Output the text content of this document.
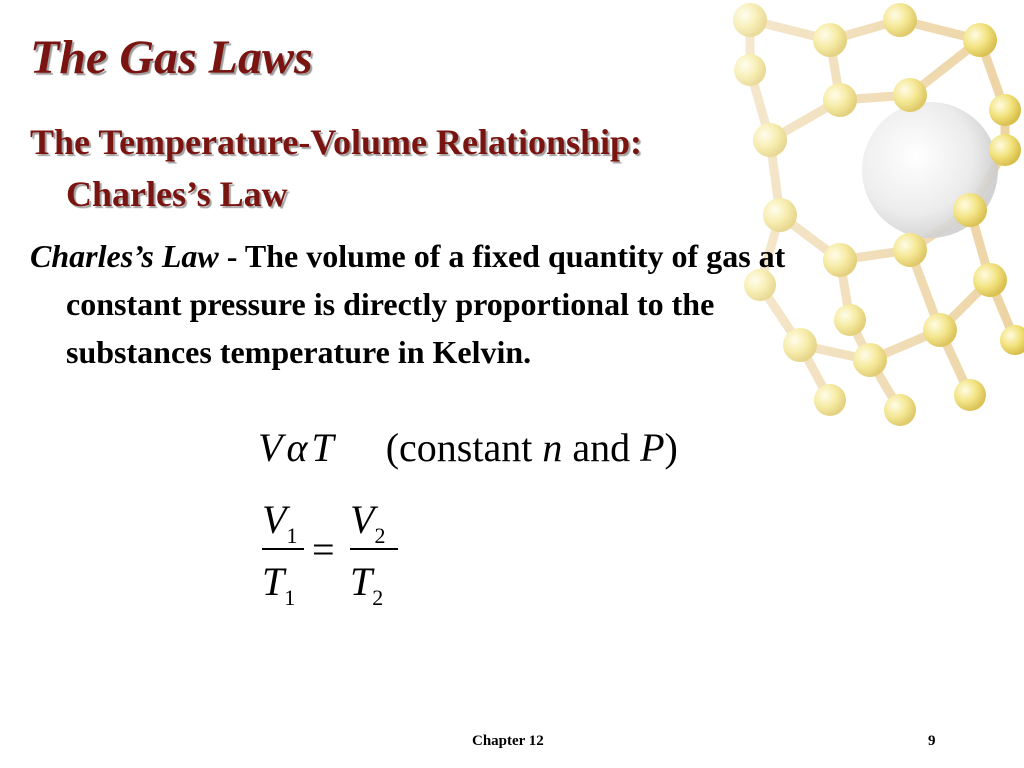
The Gas Laws
The Temperature-Volume Relationship:
Charles’s Law

Charles’s Law - The volume of a fixed quantity of gas at
constant pressure is directly proportional to the
substances temperature in Kelvin.

V α T (constant n and P)
$V_1$
$T_1$
=
$V_2$
$T_2$
Chapter 12	9
